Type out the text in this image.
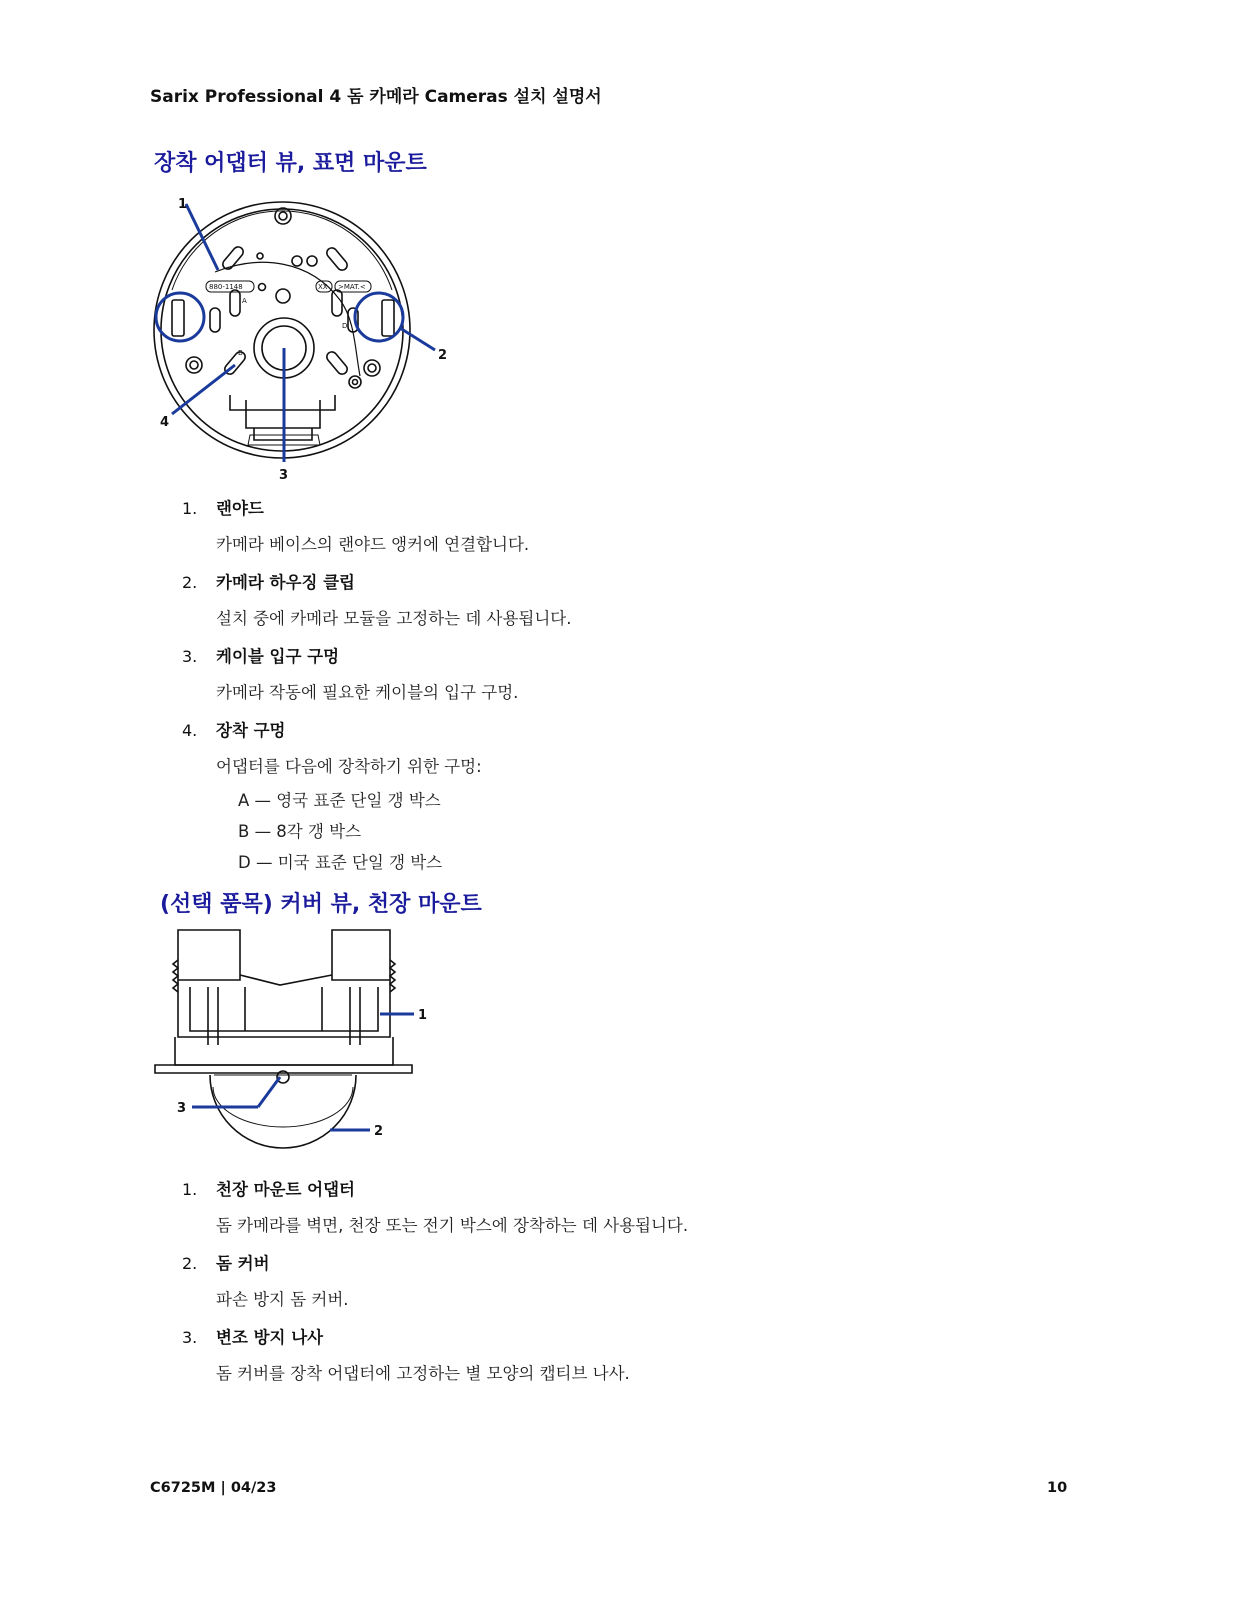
Sarix Professional 4 돔 카메라 Cameras 설치 설명서
장착 어댑터 뷰, 표면 마운트
880-1148	XX >MAT.<
A
B
D
1
2
3
4
1. 랜야드
카메라 베이스의 랜야드 앵커에 연결합니다.
2. 카메라 하우징 클립
설치 중에 카메라 모듈을 고정하는 데 사용됩니다.
3. 케이블 입구 구멍
카메라 작동에 필요한 케이블의 입구 구멍.
4. 장착 구멍
어댑터를 다음에 장착하기 위한 구멍:
A — 영국 표준 단일 갱 박스
B — 8각 갱 박스
D — 미국 표준 단일 갱 박스
(선택 품목) 커버 뷰, 천장 마운트
1
2
3
1. 천장 마운트 어댑터
돔 카메라를 벽면, 천장 또는 전기 박스에 장착하는 데 사용됩니다.
2. 돔 커버
파손 방지 돔 커버.
3. 변조 방지 나사
돔 커버를 장착 어댑터에 고정하는 별 모양의 캡티브 나사.
C6725M | 04/23	10
